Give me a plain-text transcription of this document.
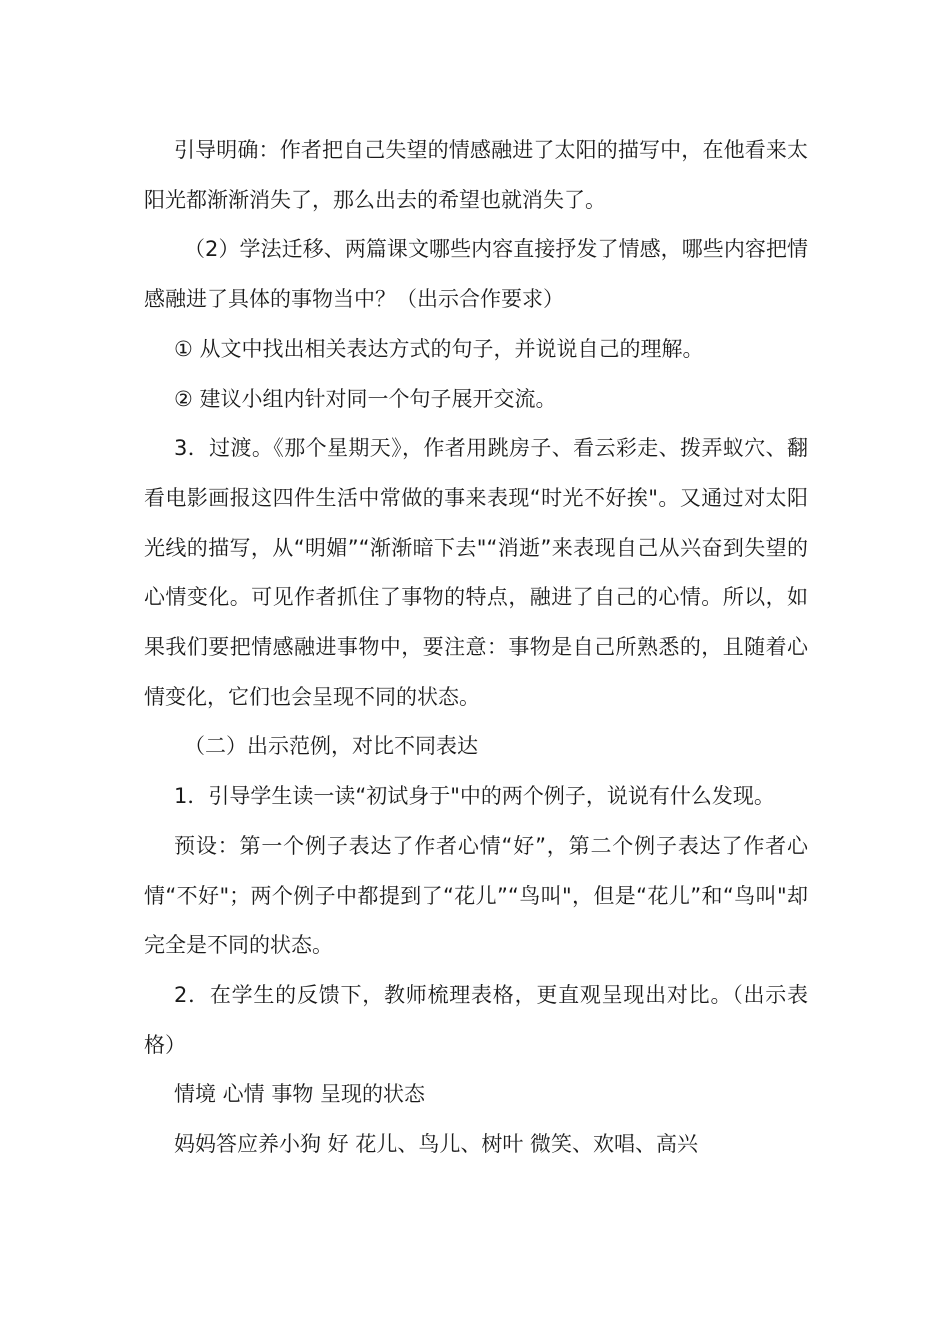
引导明确：作者把自己失望的情感融进了太阳的描写中，在他看来太阳光都渐渐消失了，那么出去的希望也就消失了。

（2）学法迁移、两篇课文哪些内容直接抒发了情感，哪些内容把情感融进了具体的事物当中？（出示合作要求）

① 从文中找出相关表达方式的句子，并说说自己的理解。

② 建议小组内针对同一个句子展开交流。

3．过渡。《那个星期天》，作者用跳房子、看云彩走、拨弄蚁穴、翻看电影画报这四件生活中常做的事来表现“时光不好挨"。又通过对太阳光线的描写，从“明媚”“渐渐暗下去"“消逝”来表现自己从兴奋到失望的心情变化。可见作者抓住了事物的特点，融进了自己的心情。所以，如果我们要把情感融进事物中，要注意：事物是自己所熟悉的，且随着心情变化，它们也会呈现不同的状态。

（二）出示范例，对比不同表达

1．引导学生读一读“初试身于"中的两个例子，说说有什么发现。

预设：第一个例子表达了作者心情“好”，第二个例子表达了作者心情“不好"；两个例子中都提到了“花儿”“鸟叫"，但是“花儿”和“鸟叫"却完全是不同的状态。

2．在学生的反馈下，教师梳理表格，更直观呈现出对比。（出示表格）

情境 心情 事物 呈现的状态

妈妈答应养小狗 好 花儿、鸟儿、树叶 微笑、欢唱、高兴
